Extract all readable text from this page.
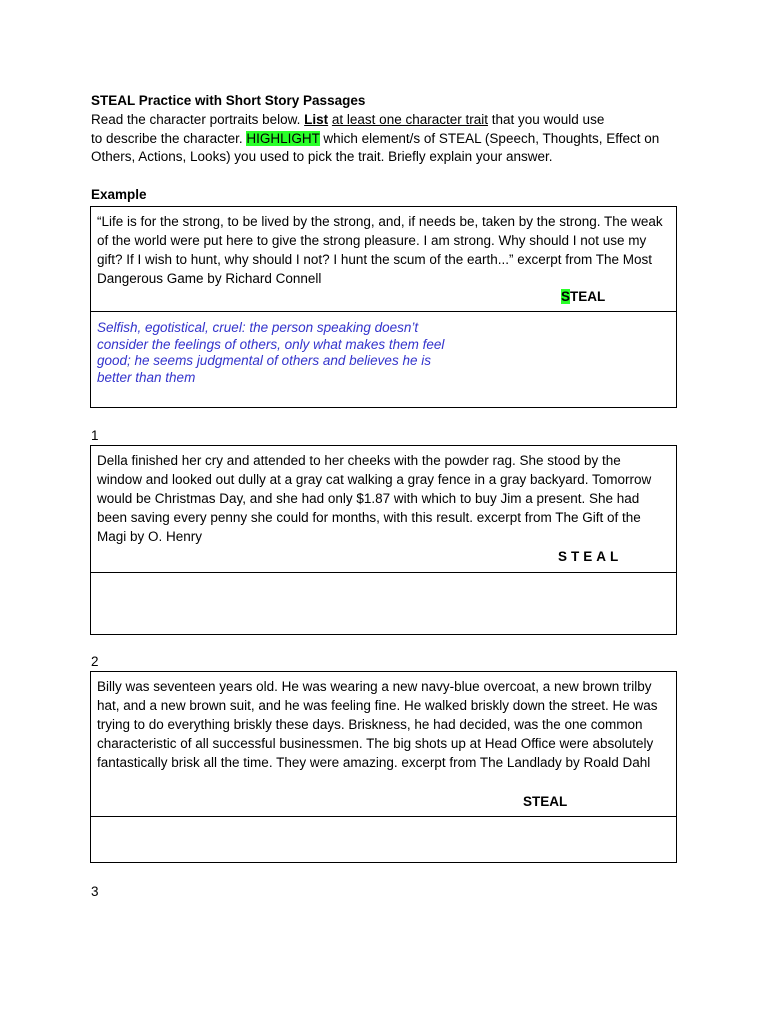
STEAL Practice with Short Story Passages
Read the character portraits below. List at least one character trait that you would use
to describe the character. HIGHLIGHT which element/s of STEAL (Speech, Thoughts, Effect on Others, Actions, Looks) you used to pick the trait. Briefly explain your answer.
Example
“Life is for the strong, to be lived by the strong, and, if needs be, taken by the strong. The weak of the world were put here to give the strong pleasure. I am strong. Why should I not use my gift? If I wish to hunt, why should I not? I hunt the scum of the earth...” excerpt from The Most Dangerous Game by Richard Connell
STEAL
Selfish, egotistical, cruel: the person speaking doesn’t consider the feelings of others, only what makes them feel good; he seems judgmental of others and believes he is better than them
1
Della finished her cry and attended to her cheeks with the powder rag. She stood by the window and looked out dully at a gray cat walking a gray fence in a gray backyard. Tomorrow would be Christmas Day, and she had only $1.87 with which to buy Jim a present. She had been saving every penny she could for months, with this result. excerpt from The Gift of the Magi by O. Henry
STEAL
2
Billy was seventeen years old. He was wearing a new navy-blue overcoat, a new brown trilby hat, and a new brown suit, and he was feeling fine. He walked briskly down the street. He was trying to do everything briskly these days. Briskness, he had decided, was the one common characteristic of all successful businessmen. The big shots up at Head Office were absolutely fantastically brisk all the time. They were amazing. excerpt from The Landlady by Roald Dahl
STEAL
3
